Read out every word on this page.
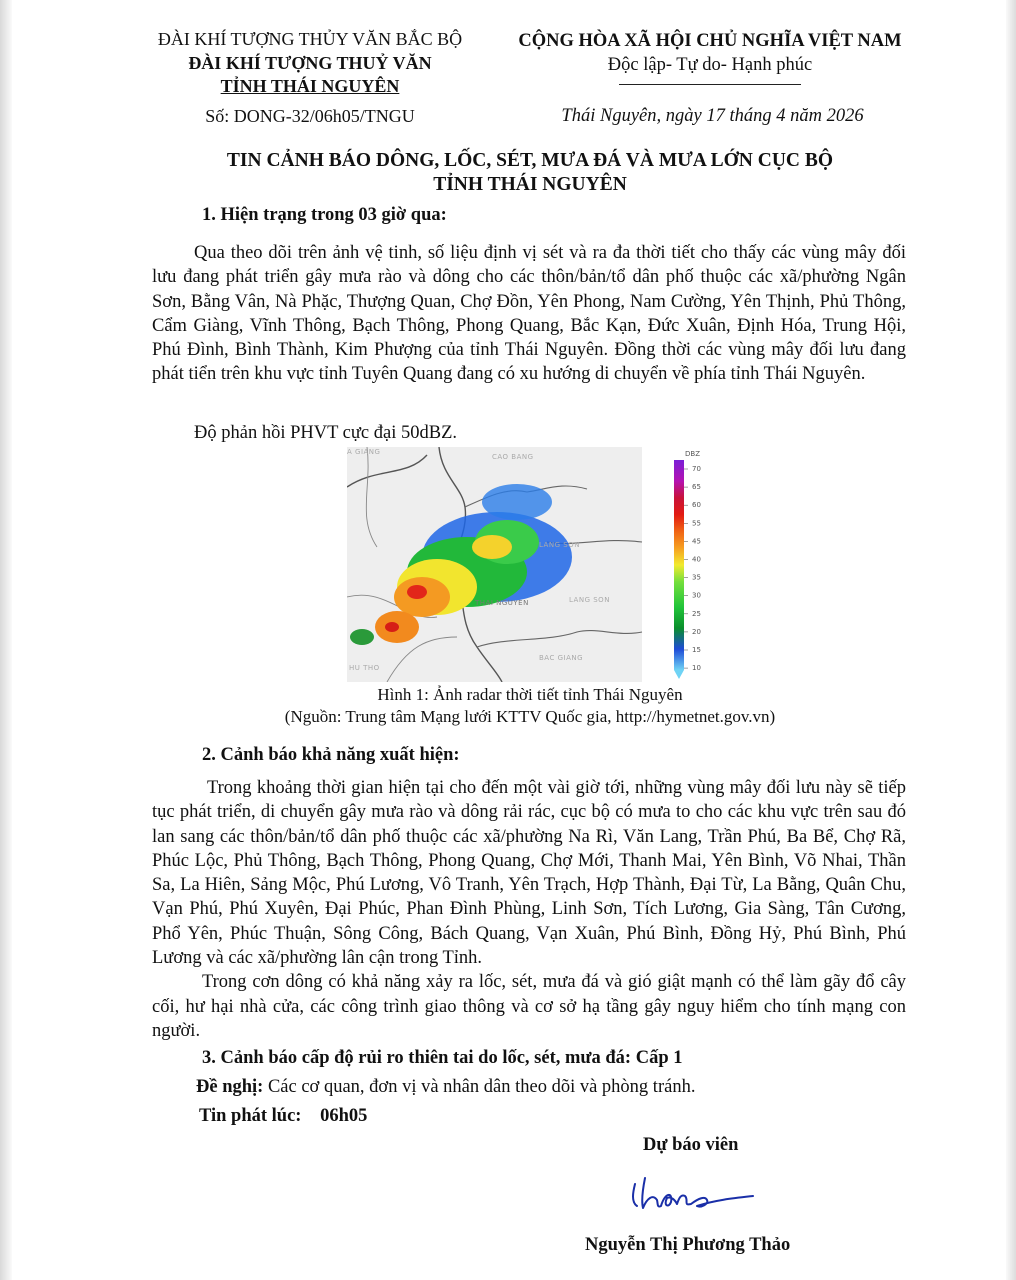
ĐÀI KHÍ TƯỢNG THỦY VĂN BẮC BỘ
ĐÀI KHÍ TƯỢNG THUỶ VĂN
TỈNH THÁI NGUYÊN
Số: DONG-32/06h05/TNGU
CỘNG HÒA XÃ HỘI CHỦ NGHĨA VIỆT NAM
Độc lập- Tự do- Hạnh phúc
Thái Nguyên, ngày 17 tháng 4 năm 2026
TIN CẢNH BÁO DÔNG, LỐC, SÉT, MƯA ĐÁ VÀ MƯA LỚN CỤC BỘ
TỈNH THÁI NGUYÊN
1. Hiện trạng trong 03 giờ qua:

Qua theo dõi trên ảnh vệ tinh, số liệu định vị sét và ra đa thời tiết cho thấy các vùng mây đối lưu đang phát triển gây mưa rào và dông cho các thôn/bản/tổ dân phố thuộc các xã/phường Ngân Sơn, Bằng Vân, Nà Phặc, Thượng Quan, Chợ Đồn, Yên Phong, Nam Cường, Yên Thịnh, Phủ Thông, Cẩm Giàng, Vĩnh Thông, Bạch Thông, Phong Quang, Bắc Kạn, Đức Xuân, Định Hóa, Trung Hội, Phú Đình, Bình Thành, Kim Phượng của tỉnh Thái Nguyên. Đồng thời các vùng mây đối lưu đang phát tiển trên khu vực tỉnh Tuyên Quang đang có xu hướng di chuyển về phía tỉnh Thái Nguyên.

Độ phản hồi PHVT cực đại 50dBZ.
CAO BANG
A GIANG
LANG SON
LANG SON
THAI NGUYEN
BAC GIANG
HU THO
DBZ
70
65
60
55
45
40
35
30
25
20
15
10
Hình 1: Ảnh radar thời tiết tỉnh Thái Nguyên
(Nguồn: Trung tâm Mạng lưới KTTV Quốc gia, http://hymetnet.gov.vn)
2. Cảnh báo khả năng xuất hiện:

Trong khoảng thời gian hiện tại cho đến một vài giờ tới, những vùng mây đối lưu này sẽ tiếp tục phát triển, di chuyển gây mưa rào và dông rải rác, cục bộ có mưa to cho các khu vực trên sau đó lan sang các thôn/bản/tổ dân phố thuộc các xã/phường Na Rì, Văn Lang, Trần Phú, Ba Bể, Chợ Rã, Phúc Lộc, Phủ Thông, Bạch Thông, Phong Quang, Chợ Mới, Thanh Mai, Yên Bình, Võ Nhai, Thần Sa, La Hiên, Sảng Mộc, Phú Lương, Vô Tranh, Yên Trạch, Hợp Thành, Đại Từ, La Bằng, Quân Chu, Vạn Phú, Phú Xuyên, Đại Phúc, Phan Đình Phùng, Linh Sơn, Tích Lương, Gia Sàng, Tân Cương, Phổ Yên, Phúc Thuận, Sông Công, Bách Quang, Vạn Xuân, Phú Bình, Đồng Hỷ, Phú Bình, Phú Lương và các xã/phường lân cận trong Tỉnh.

Trong cơn dông có khả năng xảy ra lốc, sét, mưa đá và gió giật mạnh có thể làm gãy đổ cây cối, hư hại nhà cửa, các công trình giao thông và cơ sở hạ tầng gây nguy hiểm cho tính mạng con người.

3. Cảnh báo cấp độ rủi ro thiên tai do lốc, sét, mưa đá: Cấp 1
Đề nghị: Các cơ quan, đơn vị và nhân dân theo dõi và phòng tránh.
Tin phát lúc: 06h05
Dự báo viên
Nguyễn Thị Phương Thảo
